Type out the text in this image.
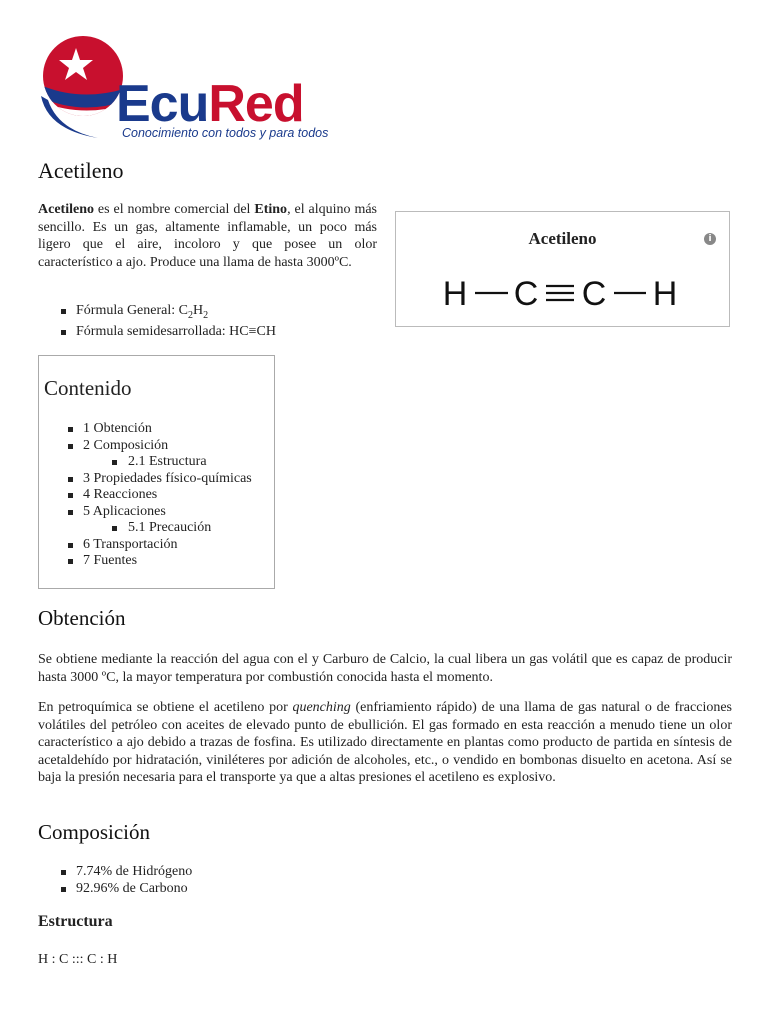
EcuRed
Conocimiento con todos y para todos
Acetileno

Acetileno es el nombre comercial del Etino, el alquino más sencillo. Es un gas, altamente inflamable, un poco más ligero que el aire, incoloro y que posee un olor característico a ajo. Produce una llama de hasta 3000ºC.

Fórmula General: $C_2H_2$
Fórmula semidesarrollada: HC≡CH
Acetileno	i
H C C H
Contenido
1 Obtención
2 Composición
2.1 Estructura
3 Propiedades físico-químicas
4 Reacciones
5 Aplicaciones
5.1 Precaución
6 Transportación
7 Fuentes
Obtención

Se obtiene mediante la reacción del agua con el y Carburo de Calcio, la cual libera un gas volátil que es capaz de producir hasta 3000 ºC, la mayor temperatura por combustión conocida hasta el momento.

En petroquímica se obtiene el acetileno por quenching (enfriamiento rápido) de una llama de gas natural o de fracciones volátiles del petróleo con aceites de elevado punto de ebullición. El gas formado en esta reacción a menudo tiene un olor característico a ajo debido a trazas de fosfina. Es utilizado directamente en plantas como producto de partida en síntesis de acetaldehído por hidratación, viniléteres por adición de alcoholes, etc., o vendido en bombonas disuelto en acetona. Así se baja la presión necesaria para el transporte ya que a altas presiones el acetileno es explosivo.

Composición
7.74% de Hidrógeno
92.96% de Carbono
Estructura
H : C ::: C : H
